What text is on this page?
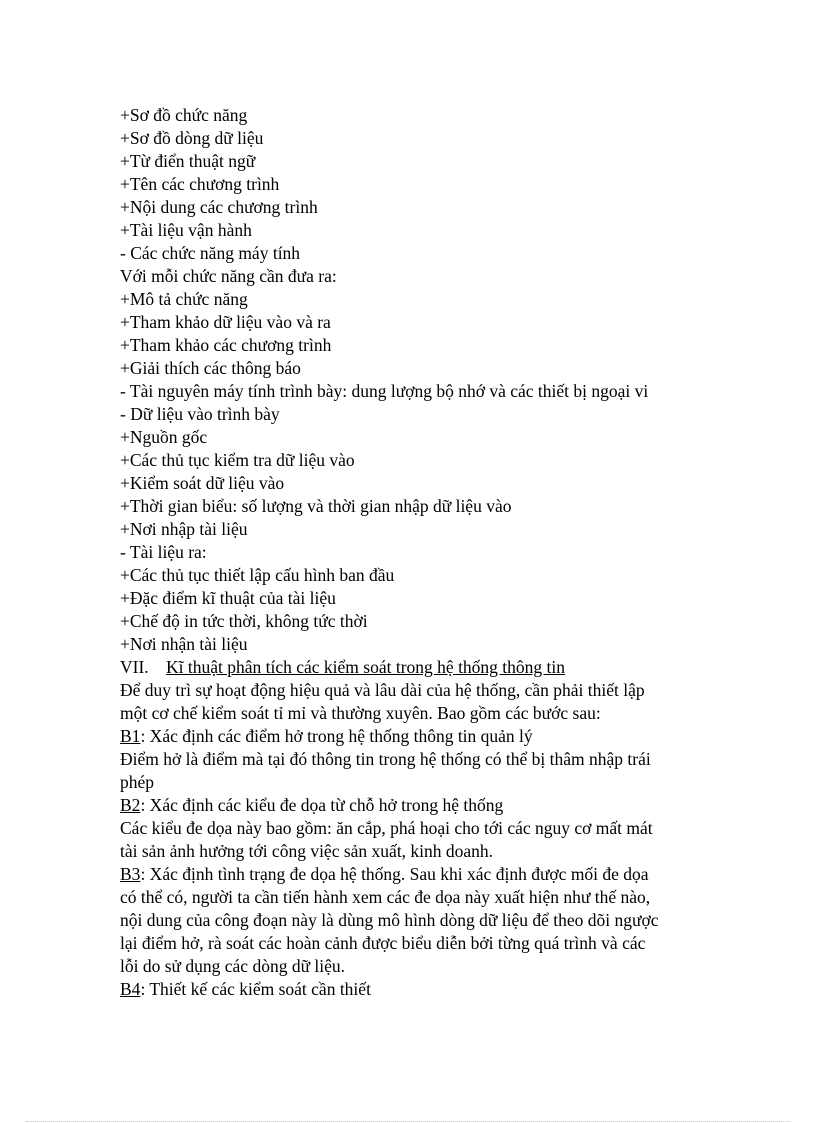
+Sơ đồ chức năng
+Sơ đồ dòng dữ liệu
+Từ điển thuật ngữ
+Tên các chương trình
+Nội dung các chương trình
+Tài liệu vận hành
- Các chức năng máy tính
Với mỗi chức năng cần đưa ra:
+Mô tả chức năng
+Tham khảo dữ liệu vào và ra
+Tham khảo các chương trình
+Giải thích các thông báo
- Tài nguyên máy tính trình bày: dung lượng bộ nhớ và các thiết bị ngoại vi
- Dữ liệu vào trình bày
+Nguồn gốc
+Các thủ tục kiểm tra dữ liệu vào
+Kiểm soát dữ liệu vào
+Thời gian biểu: số lượng và thời gian nhập dữ liệu vào
+Nơi nhập tài liệu
- Tài liệu ra:
+Các thủ tục thiết lập cấu hình ban đầu
+Đặc điểm kĩ thuật của tài liệu
+Chế độ in tức thời, không tức thời
+Nơi nhận tài liệu
VII. Kĩ thuật phân tích các kiểm soát trong hệ thống thông tin
Để duy trì sự hoạt động hiệu quả và lâu dài của hệ thống, cần phải thiết lập
một cơ chế kiểm soát tỉ mỉ và thường xuyên. Bao gồm các bước sau:
B1: Xác định các điểm hở trong hệ thống thông tin quản lý
Điểm hở là điểm mà tại đó thông tin trong hệ thống có thể bị thâm nhập trái
phép
B2: Xác định các kiểu đe dọa từ chỗ hở trong hệ thống
Các kiểu đe dọa này bao gồm: ăn cắp, phá hoại cho tới các nguy cơ mất mát
tài sản ảnh hưởng tới công việc sản xuất, kinh doanh.
B3: Xác định tình trạng đe dọa hệ thống. Sau khi xác định được mối đe dọa
có thể có, người ta cần tiến hành xem các đe dọa này xuất hiện như thế nào,
nội dung của công đoạn này là dùng mô hình dòng dữ liệu để theo dõi ngược
lại điểm hở, rà soát các hoàn cảnh được biểu diễn bởi từng quá trình và các
lỗi do sử dụng các dòng dữ liệu.
B4: Thiết kế các kiểm soát cần thiết
